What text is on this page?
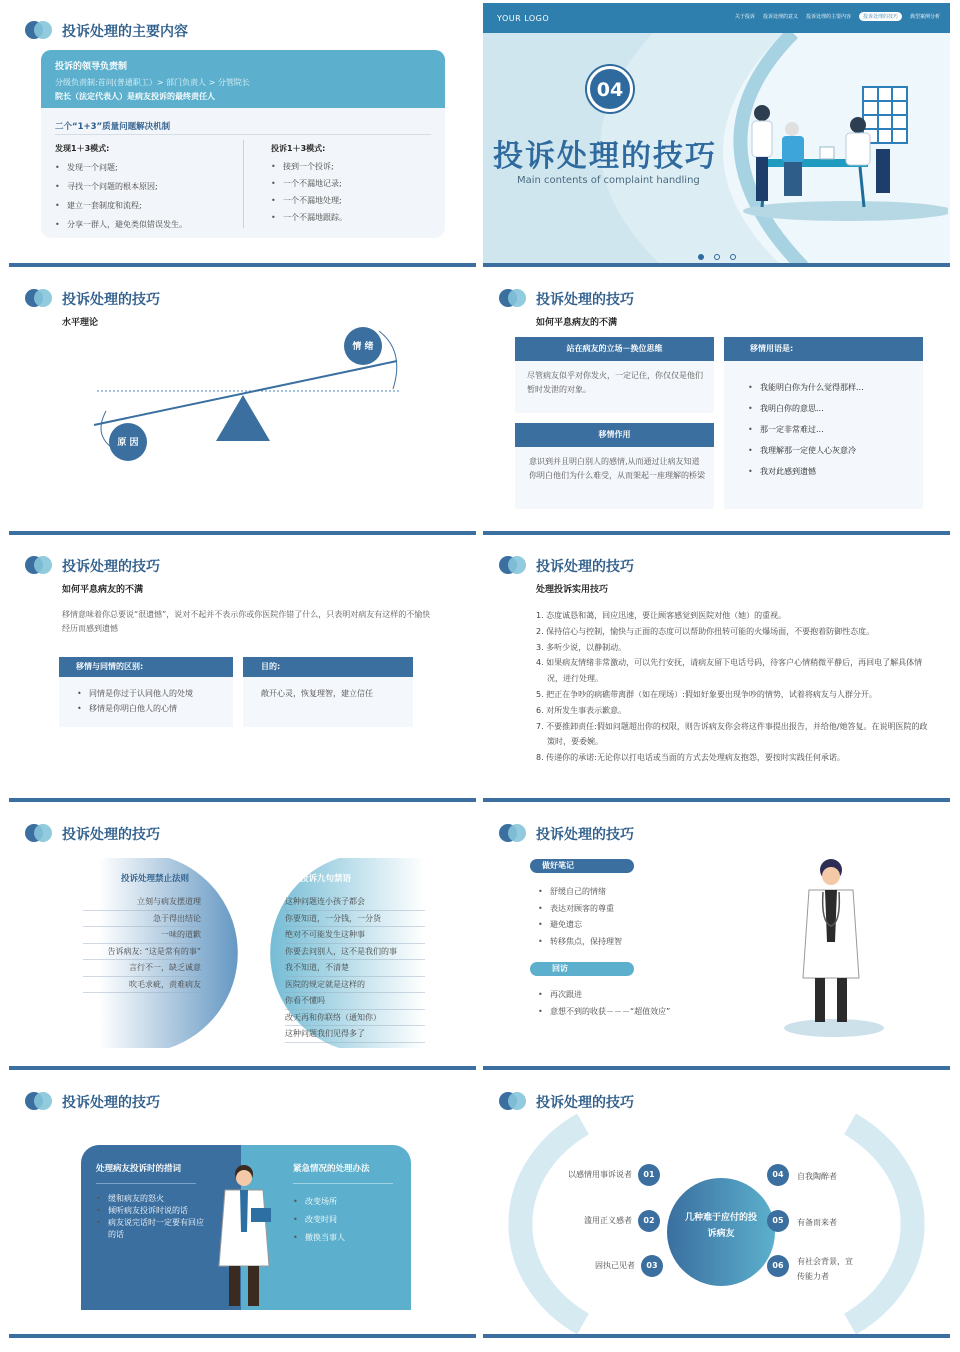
投诉处理的主要内容
投诉的领导负责制
分级负责制:首问(普通职工）> 部门负责人 > 分管院长
院长（法定代表人）是病友投诉的最终责任人
二个“1+3”质量问题解决机制
发现1＋3模式:
• 发现一个问题;
• 寻找一个问题的根本原因;
• 建立一套制度和流程;
• 分享一群人，避免类似错误发生。
投诉1＋3模式:
• 接到一个投诉;
• 一个不漏地记录;
• 一个不漏地处理;
• 一个不漏地跟踪。
YOUR LOGO	关于投诉 投诉处理的意义 投诉处理的主要内容	投诉处理的技巧	典型案例分析
04
投诉处理的技巧
Main contents of complaint handling
投诉处理的技巧
水平理论
情 绪
原 因
投诉处理的技巧
如何平息病友的不满
站在病友的立场－换位思维
尽管病友似乎对你发火，一定记住，你仅仅是他们暂时发泄的对象。
移情作用
意识到并且明白别人的感情,从而通过让病友知道你明白他们为什么难受，从而架起一座理解的桥梁
移情用语是:
• 我能明白你为什么觉得那样...
• 我明白你的意思...
• 那一定非常难过...
• 我理解那一定使人心灰意冷
• 我对此感到遗憾
投诉处理的技巧
如何平息病友的不满
移情意味着你总要说“很遗憾”，说对不起并不表示你或你医院作错了什么，只表明对病友有这样的不愉快经历而感到遗憾
移情与同情的区别:
• 同情是你过于认同他人的处境
• 移情是你明白他人的心情
目的:
敞开心灵，恢复理智，建立信任
投诉处理的技巧
处理投诉实用技巧
1. 态度诚恳和蔼，回应迅速，要让顾客感觉到医院对他（她）的重视。
2. 保持信心与控制，愉快与正面的态度可以帮助你扭转可能的火爆场面，不要抱着防御性态度。
3. 多听少说，以静制动。
4. 如果病友情绪非常激动，可以先行安抚，请病友留下电话号码，待客户心情稍微平静后，再回电了解具体情况，进行处理。
5. 把正在争吵的病礁带离群（如在现场）:假如好象要出现争吵的情势，试着将病友与人群分开。
6. 对所发生事表示歉意。
7. 不要推卸责任:假如问题超出你的权限，则告诉病友你会将这件事提出报告，并给他/她答复。在说明医院的政策时，要委婉。
8. 传递你的承诺:无论你以打电话或当面的方式去处理病友抱怨，要按时实践任何承诺。
投诉处理的技巧
投诉处理禁止法则
立刻与病友摆道理
急于得出结论
一味的道歉
告诉病友: “这是常有的事”
言行不一，缺乏诚意
吹毛求疵，责难病友
处理投诉九句禁语
这种问题连小孩子都会
你要知道，一分钱，一分货
绝对不可能发生这种事
你要去问别人，这不是我们的事
我不知道，不清楚
医院的规定就是这样的
你看不懂吗
改天再和你联络（通知你）
这种问题我们见得多了
投诉处理的技巧
做好笔记
• 舒缓自己的情绪
• 表达对顾客的尊重
• 避免遗忘
• 转移焦点，保持理智
回访
• 再次跟进
• 意想不到的收获－－－“超值效应”
投诉处理的技巧
处理病友投诉时的措词
• 缓和病友的怒火
• 倾听病友投诉时说的话
• 病友说完话时一定要有回应的话
紧急情况的处理办法
• 改变场所
• 改变时间
• 撤换当事人
投诉处理的技巧
几种难于应付的投诉病友
01
以感情用事诉说者
02
滥用正义感者
03
固执己见者
04	自我陶醉者
05	有备而来者
06	有社会背景，宣传能力者
